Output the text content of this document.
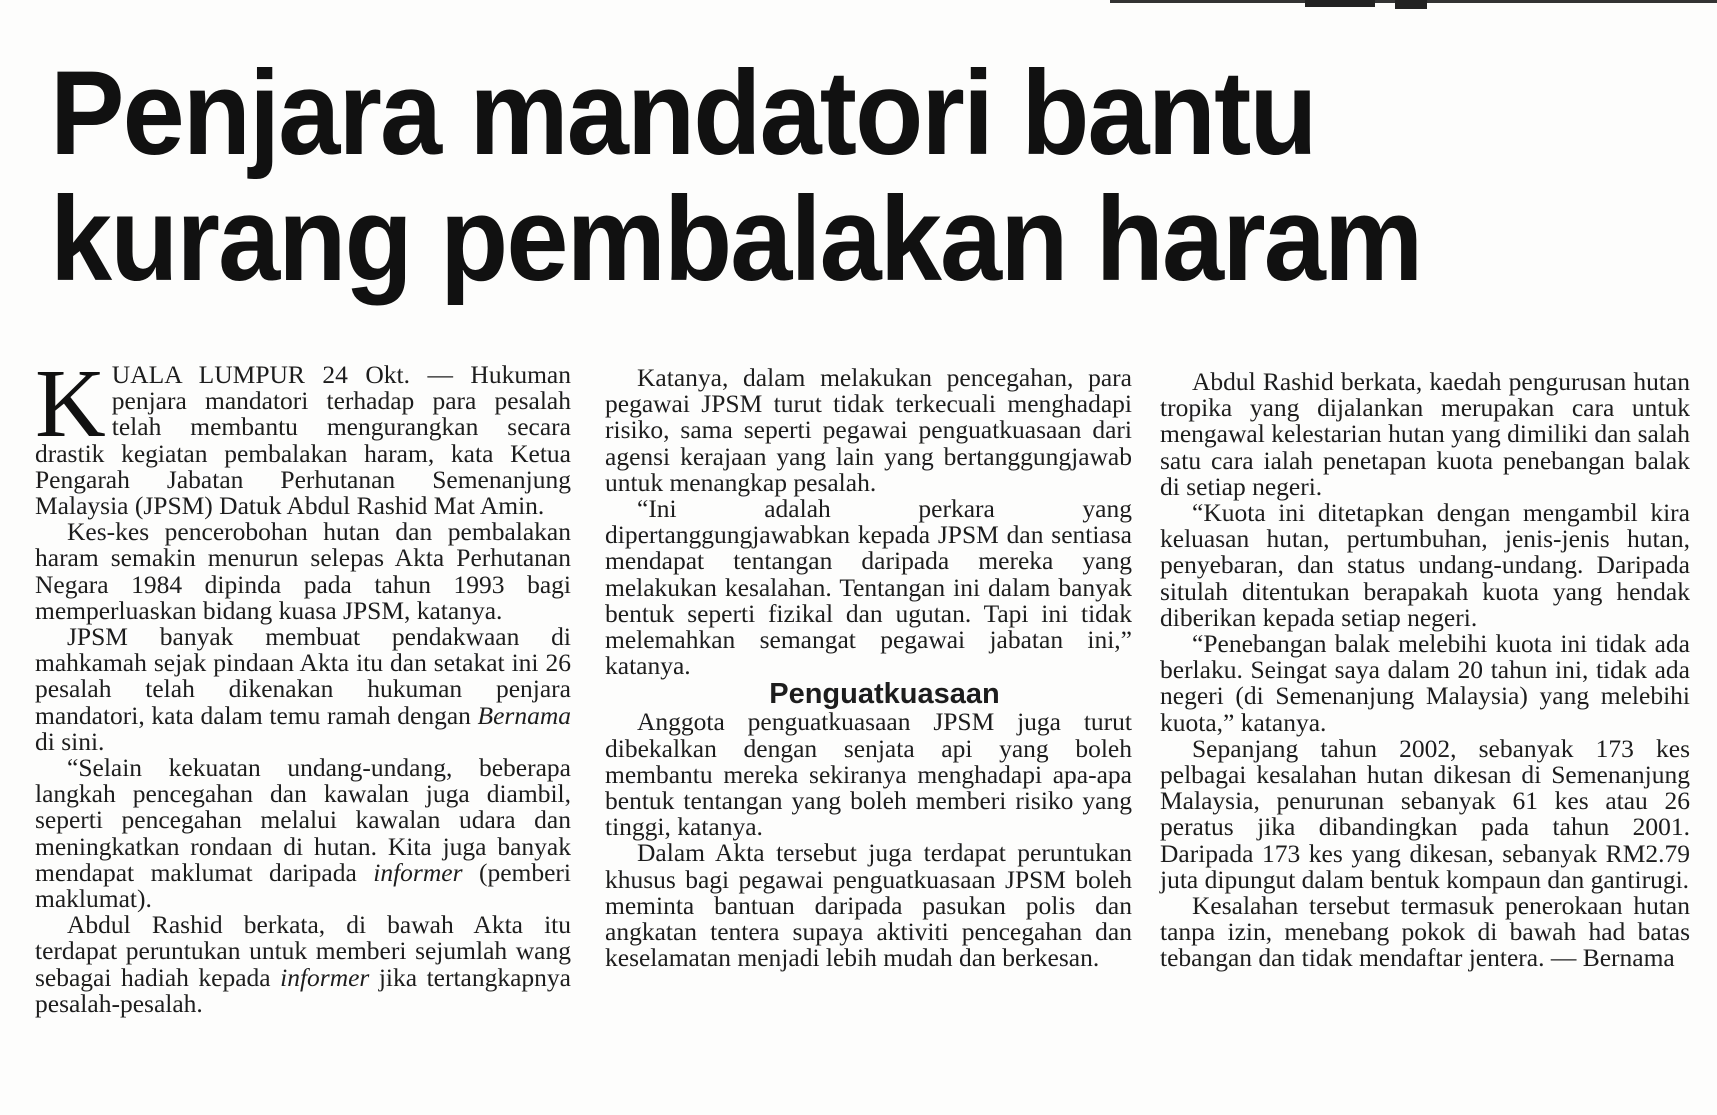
Penjara mandatori bantu
kurang pembalakan haram

KUALA LUMPUR 24 Okt. — Hukuman penjara mandatori terhadap para pesalah telah membantu mengurangkan secara drastik kegiatan pembalakan haram, kata Ketua Pengarah Jabatan Perhutanan Semenanjung Malaysia (JPSM) Datuk Abdul Rashid Mat Amin.

Kes-kes pencerobohan hutan dan pembalakan haram semakin menurun selepas Akta Perhutanan Negara 1984 dipinda pada tahun 1993 bagi memperluaskan bidang kuasa JPSM, katanya.

JPSM banyak membuat pendakwaan di mahkamah sejak pindaan Akta itu dan setakat ini 26 pesalah telah dikenakan hukuman penjara mandatori, kata dalam temu ramah dengan Bernama di sini.

“Selain kekuatan undang-undang, beberapa langkah pencegahan dan kawalan juga diambil, seperti pencegahan melalui kawalan udara dan meningkatkan rondaan di hutan. Kita juga banyak mendapat maklumat daripada informer (pemberi maklumat).

Abdul Rashid berkata, di bawah Akta itu terdapat peruntukan untuk memberi sejumlah wang sebagai hadiah kepada informer jika tertangkapnya pesalah-pesalah.

Katanya, dalam melakukan pencegahan, para pegawai JPSM turut tidak terkecuali menghadapi risiko, sama seperti pegawai penguatkuasaan dari agensi kerajaan yang lain yang bertanggungjawab untuk menangkap pesalah.

“Ini adalah perkara yang dipertanggungjawabkan kepada JPSM dan sentiasa mendapat tentangan daripada mereka yang melakukan kesalahan. Tentangan ini dalam banyak bentuk seperti fizikal dan ugutan. Tapi ini tidak melemahkan semangat pegawai jabatan ini,” katanya.

Penguatkuasaan

Anggota penguatkuasaan JPSM juga turut dibekalkan dengan senjata api yang boleh membantu mereka sekiranya menghadapi apa-apa bentuk tentangan yang boleh memberi risiko yang tinggi, katanya.

Dalam Akta tersebut juga terdapat peruntukan khusus bagi pegawai penguatkuasaan JPSM boleh meminta bantuan daripada pasukan polis dan angkatan tentera supaya aktiviti pencegahan dan keselamatan menjadi lebih mudah dan berkesan.

Abdul Rashid berkata, kaedah pengurusan hutan tropika yang dijalankan merupakan cara untuk mengawal kelestarian hutan yang dimiliki dan salah satu cara ialah penetapan kuota penebangan balak di setiap negeri.

“Kuota ini ditetapkan dengan mengambil kira keluasan hutan, pertumbuhan, jenis-jenis hutan, penyebaran, dan status undang-undang. Daripada situlah ditentukan berapakah kuota yang hendak diberikan kepada setiap negeri.

“Penebangan balak melebihi kuota ini tidak ada berlaku. Seingat saya dalam 20 tahun ini, tidak ada negeri (di Semenanjung Malaysia) yang melebihi kuota,” katanya.

Sepanjang tahun 2002, sebanyak 173 kes pelbagai kesalahan hutan dikesan di Semenanjung Malaysia, penurunan sebanyak 61 kes atau 26 peratus jika dibandingkan pada tahun 2001. Daripada 173 kes yang dikesan, sebanyak RM2.79 juta dipungut dalam bentuk kompaun dan gantirugi.

Kesalahan tersebut termasuk penerokaan hutan tanpa izin, menebang pokok di bawah had batas tebangan dan tidak mendaftar jentera. — Bernama
